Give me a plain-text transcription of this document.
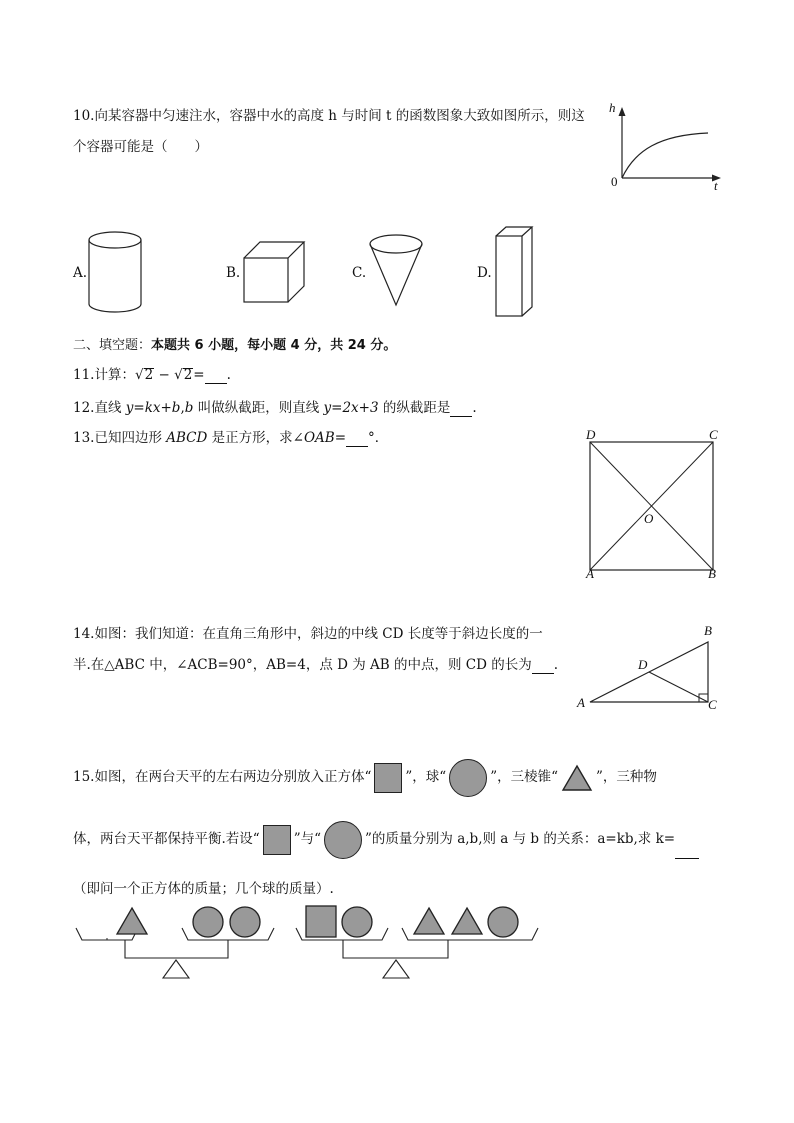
10.向某容器中匀速注水，容器中水的高度 h 与时间 t 的函数图象大致如图所示，则这
个容器可能是（　　）
h
t
0
A.	B.	C.	D.
二、填空题：本题共 6 小题，每小题 4 分，共 24 分。
11.计算：√2 − √2= .
12.直线 y=kx+b,b 叫做纵截距，则直线 y=2x+3 的纵截距是 .
13.已知四边形 ABCD 是正方形，求∠OAB= °．	D	C
O
A	B
14.如图：我们知道：在直角三角形中，斜边的中线 CD 长度等于斜边长度的一
半.在△ABC 中，∠ACB=90°，AB=4，点 D 为 AB 的中点，则 CD 的长为 .
B
D
A	C
15.如图，在两台天平的左右两边分别放入正方体“	”，球“	”，三棱锥“	”，三种物
体，两台天平都保持平衡.若设“	”与“	”的质量分别为 a,b,则 a 与 b 的关系：a=kb,求 k=
（即问一个正方体的质量；几个球的质量）.
